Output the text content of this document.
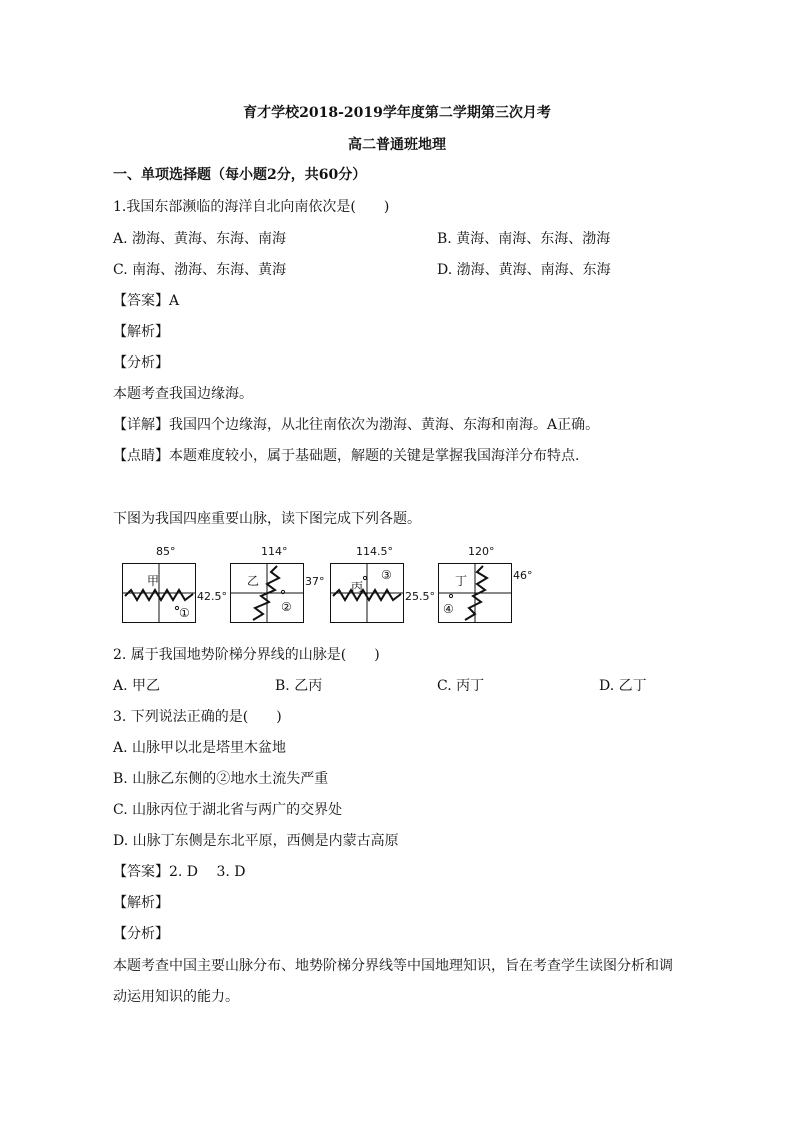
育才学校2018-2019学年度第二学期第三次月考
高二普通班地理
一、单项选择题（每小题2分，共60分）
1.我国东部濒临的海洋自北向南依次是(　　)
A. 渤海、黄海、东海、南海	B. 黄海、南海、东海、渤海
C. 南海、渤海、东海、黄海	D. 渤海、黄海、南海、东海
【答案】A
【解析】
【分析】
本题考查我国边缘海。
【详解】我国四个边缘海，从北往南依次为渤海、黄海、东海和南海。A正确。
【点睛】本题难度较小，属于基础题，解题的关键是掌握我国海洋分布特点.
下图为我国四座重要山脉，读下图完成下列各题。
85°
甲
①
42.5°
114°
乙
②
37°
114.5°
丙
③
25.5°
120°
丁
④
46°
2. 属于我国地势阶梯分界线的山脉是(　　)
A. 甲乙	B. 乙丙	C. 丙丁	D. 乙丁
3. 下列说法正确的是(　　)
A. 山脉甲以北是塔里木盆地
B. 山脉乙东侧的②地水土流失严重
C. 山脉丙位于湖北省与两广的交界处
D. 山脉丁东侧是东北平原，西侧是内蒙古高原
【答案】2. D　 3. D
【解析】
【分析】
本题考查中国主要山脉分布、地势阶梯分界线等中国地理知识，旨在考查学生读图分析和调
动运用知识的能力。
